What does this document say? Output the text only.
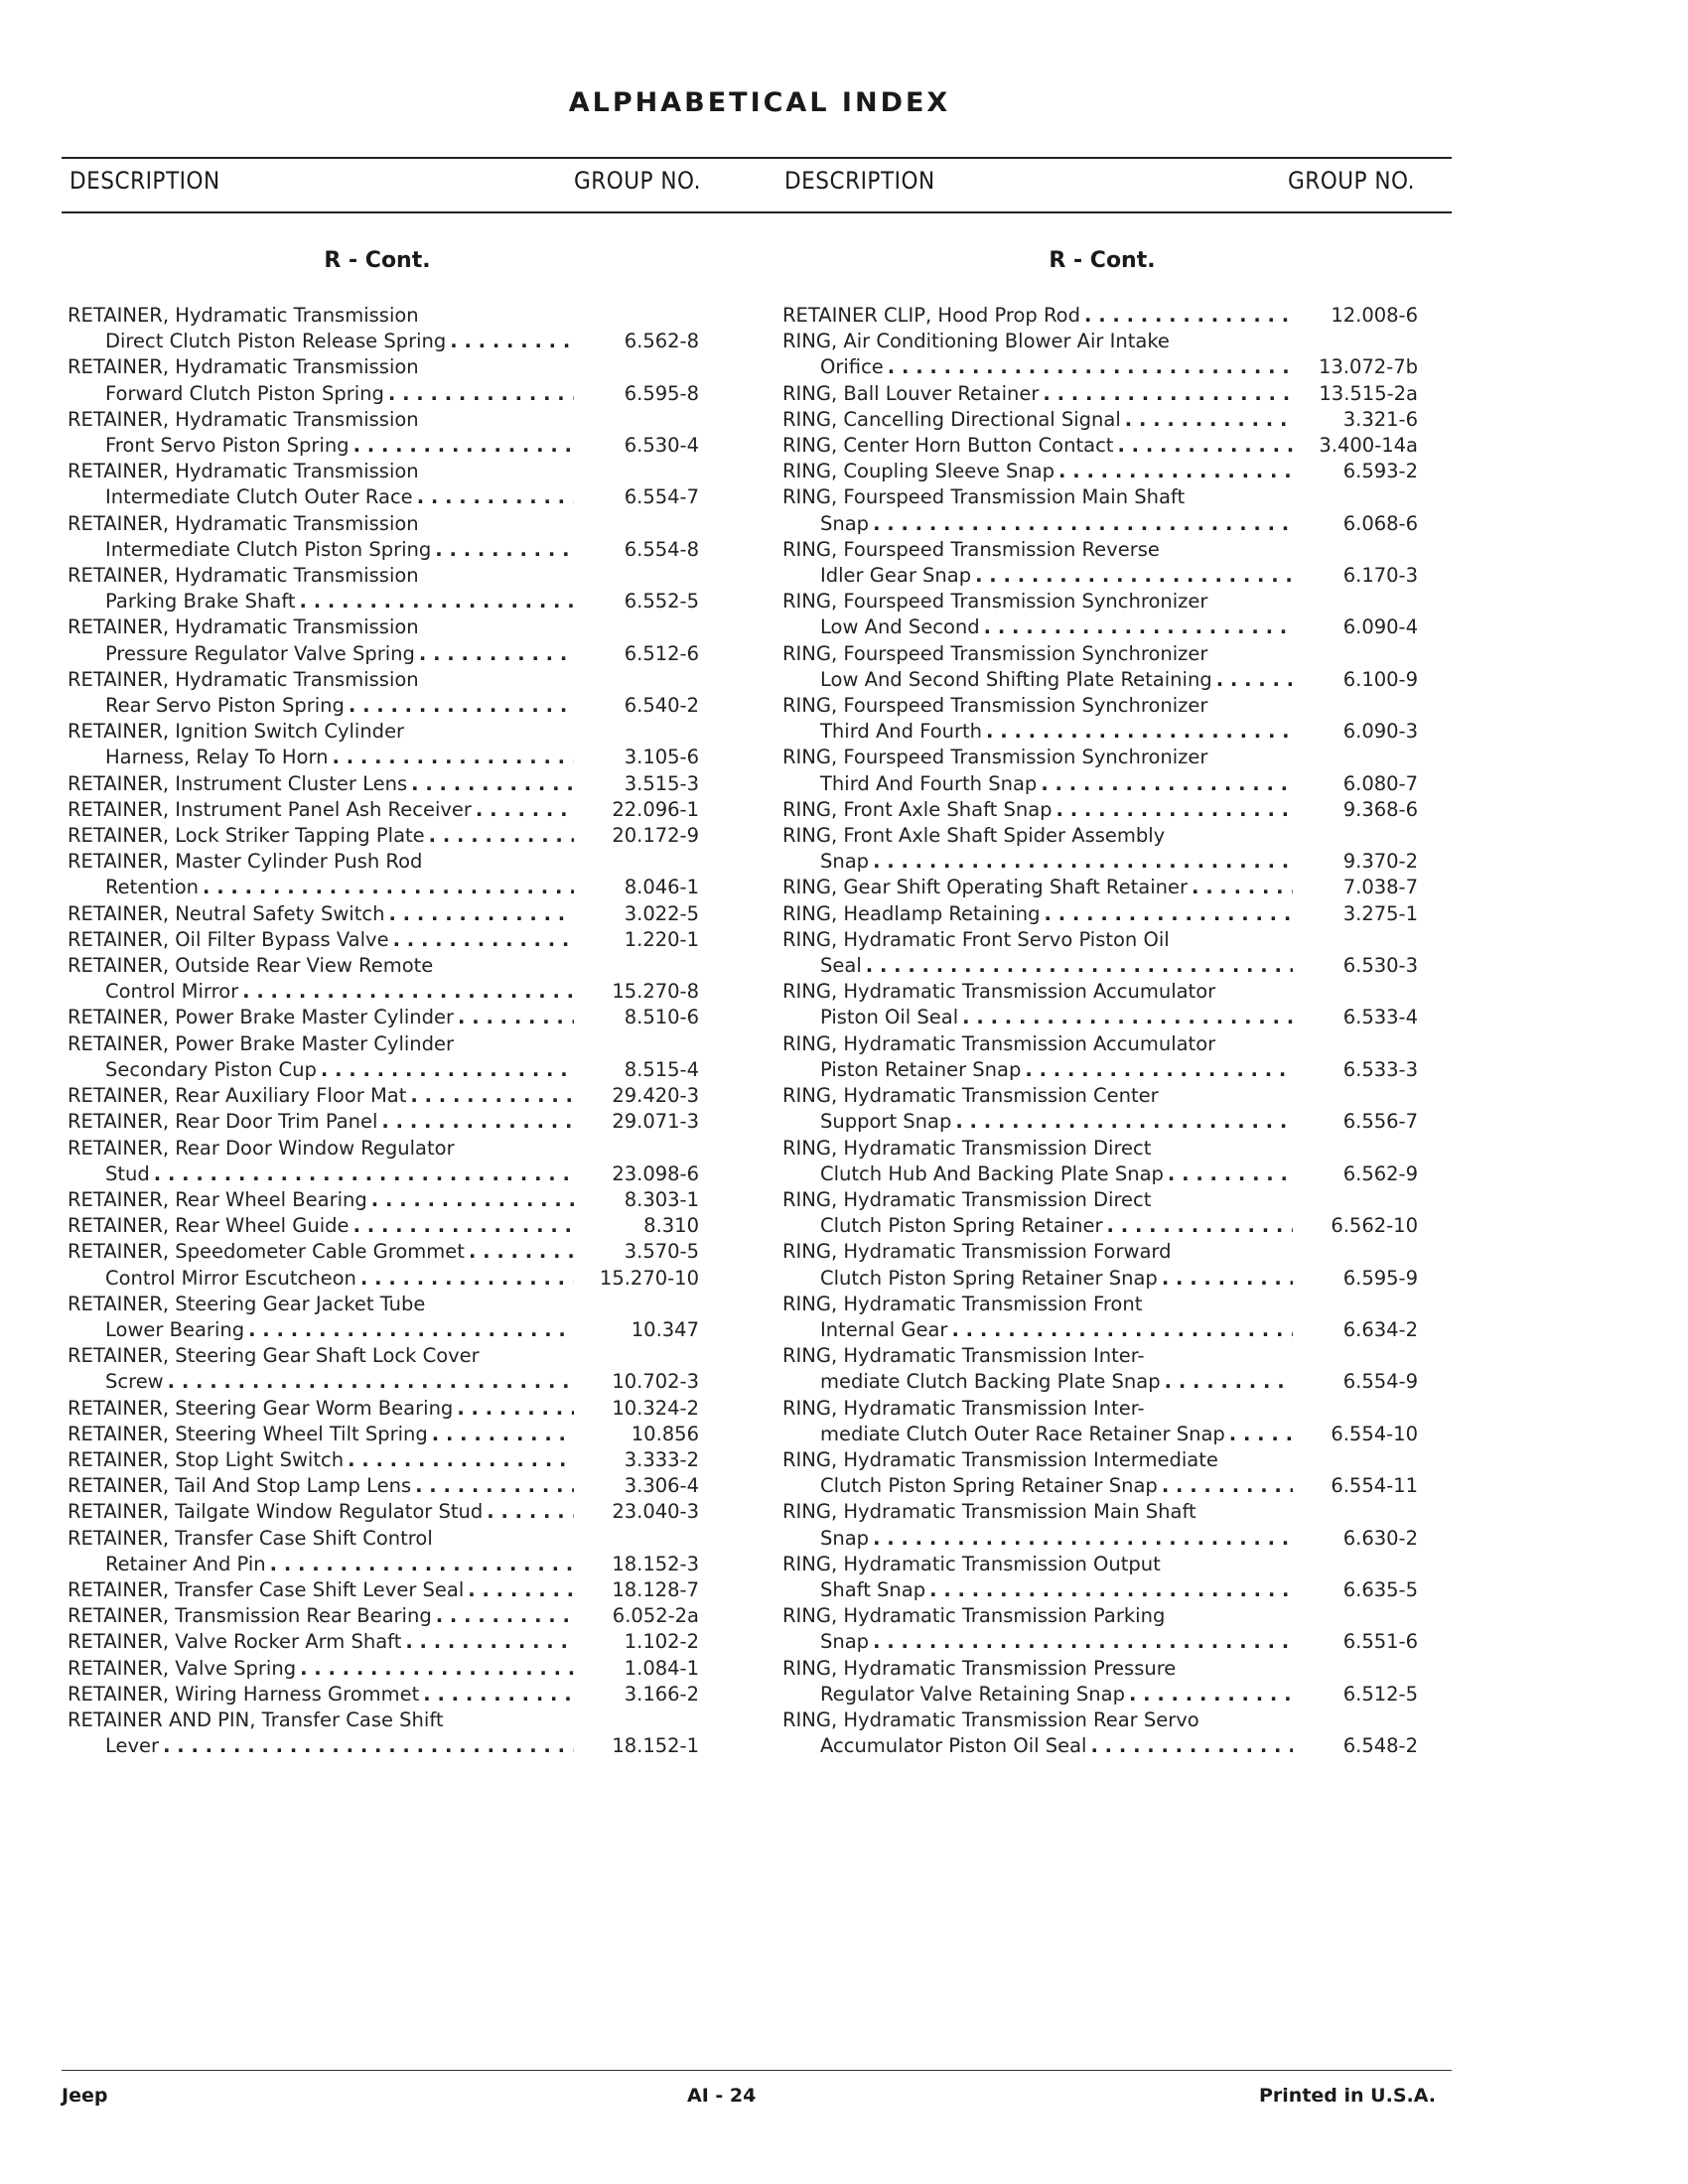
ALPHABETICAL INDEX
DESCRIPTION	GROUP NO.	DESCRIPTION	GROUP NO.
R - Cont.	R - Cont.
RETAINER, Hydramatic Transmission
Direct Clutch Piston Release Spring . . .	6.562-8
RETAINER, Hydramatic Transmission
Forward Clutch Piston Spring . . .	6.595-8
RETAINER, Hydramatic Transmission
Front Servo Piston Spring . . .	6.530-4
RETAINER, Hydramatic Transmission
Intermediate Clutch Outer Race . . .	6.554-7
RETAINER, Hydramatic Transmission
Intermediate Clutch Piston Spring . . .	6.554-8
RETAINER, Hydramatic Transmission
Parking Brake Shaft . . .	6.552-5
RETAINER, Hydramatic Transmission
Pressure Regulator Valve Spring . . .	6.512-6
RETAINER, Hydramatic Transmission
Rear Servo Piston Spring . . .	6.540-2
RETAINER, Ignition Switch Cylinder
Harness, Relay To Horn . . .	3.105-6
RETAINER, Instrument Cluster Lens . . .	3.515-3
RETAINER, Instrument Panel Ash Receiver . . .	22.096-1
RETAINER, Lock Striker Tapping Plate . . .	20.172-9
RETAINER, Master Cylinder Push Rod
Retention . . .	8.046-1
RETAINER, Neutral Safety Switch . . .	3.022-5
RETAINER, Oil Filter Bypass Valve . . .	1.220-1
RETAINER, Outside Rear View Remote
Control Mirror . . .	15.270-8
RETAINER, Power Brake Master Cylinder . . .	8.510-6
RETAINER, Power Brake Master Cylinder
Secondary Piston Cup . . .	8.515-4
RETAINER, Rear Auxiliary Floor Mat . . .	29.420-3
RETAINER, Rear Door Trim Panel . . .	29.071-3
RETAINER, Rear Door Window Regulator
Stud . . .	23.098-6
RETAINER, Rear Wheel Bearing . . .	8.303-1
RETAINER, Rear Wheel Guide . . .	8.310
RETAINER, Speedometer Cable Grommet . . .	3.570-5
Control Mirror Escutcheon . . .	15.270-10
RETAINER, Steering Gear Jacket Tube
Lower Bearing . . .	10.347
RETAINER, Steering Gear Shaft Lock Cover
Screw . . .	10.702-3
RETAINER, Steering Gear Worm Bearing . . .	10.324-2
RETAINER, Steering Wheel Tilt Spring . . .	10.856
RETAINER, Stop Light Switch . . .	3.333-2
RETAINER, Tail And Stop Lamp Lens . . .	3.306-4
RETAINER, Tailgate Window Regulator Stud . . .	23.040-3
RETAINER, Transfer Case Shift Control
Retainer And Pin . . .	18.152-3
RETAINER, Transfer Case Shift Lever Seal . . .	18.128-7
RETAINER, Transmission Rear Bearing . . .	6.052-2a
RETAINER, Valve Rocker Arm Shaft . . .	1.102-2
RETAINER, Valve Spring . . .	1.084-1
RETAINER, Wiring Harness Grommet . . .	3.166-2
RETAINER AND PIN, Transfer Case Shift
Lever . . .	18.152-1
RETAINER CLIP, Hood Prop Rod . . .	12.008-6
RING, Air Conditioning Blower Air Intake
Orifice . . .	13.072-7b
RING, Ball Louver Retainer . . .	13.515-2a
RING, Cancelling Directional Signal . . .	3.321-6
RING, Center Horn Button Contact . . .	3.400-14a
RING, Coupling Sleeve Snap . . .	6.593-2
RING, Fourspeed Transmission Main Shaft
Snap . . .	6.068-6
RING, Fourspeed Transmission Reverse
Idler Gear Snap . . .	6.170-3
RING, Fourspeed Transmission Synchronizer
Low And Second . . .	6.090-4
RING, Fourspeed Transmission Synchronizer
Low And Second Shifting Plate Retaining . . .	6.100-9
RING, Fourspeed Transmission Synchronizer
Third And Fourth . . .	6.090-3
RING, Fourspeed Transmission Synchronizer
Third And Fourth Snap . . .	6.080-7
RING, Front Axle Shaft Snap . . .	9.368-6
RING, Front Axle Shaft Spider Assembly
Snap . . .	9.370-2
RING, Gear Shift Operating Shaft Retainer . . .	7.038-7
RING, Headlamp Retaining . . .	3.275-1
RING, Hydramatic Front Servo Piston Oil
Seal . . .	6.530-3
RING, Hydramatic Transmission Accumulator
Piston Oil Seal . . .	6.533-4
RING, Hydramatic Transmission Accumulator
Piston Retainer Snap . . .	6.533-3
RING, Hydramatic Transmission Center
Support Snap . . .	6.556-7
RING, Hydramatic Transmission Direct
Clutch Hub And Backing Plate Snap . . .	6.562-9
RING, Hydramatic Transmission Direct
Clutch Piston Spring Retainer . . .	6.562-10
RING, Hydramatic Transmission Forward
Clutch Piston Spring Retainer Snap . . .	6.595-9
RING, Hydramatic Transmission Front
Internal Gear . . .	6.634-2
RING, Hydramatic Transmission Inter-
mediate Clutch Backing Plate Snap . . .	6.554-9
RING, Hydramatic Transmission Inter-
mediate Clutch Outer Race Retainer Snap . . .	6.554-10
RING, Hydramatic Transmission Intermediate
Clutch Piston Spring Retainer Snap . . .	6.554-11
RING, Hydramatic Transmission Main Shaft
Snap . . .	6.630-2
RING, Hydramatic Transmission Output
Shaft Snap . . .	6.635-5
RING, Hydramatic Transmission Parking
Snap . . .	6.551-6
RING, Hydramatic Transmission Pressure
Regulator Valve Retaining Snap . . .	6.512-5
RING, Hydramatic Transmission Rear Servo
Accumulator Piston Oil Seal . . .	6.548-2
Jeep	AI - 24	Printed in U.S.A.
